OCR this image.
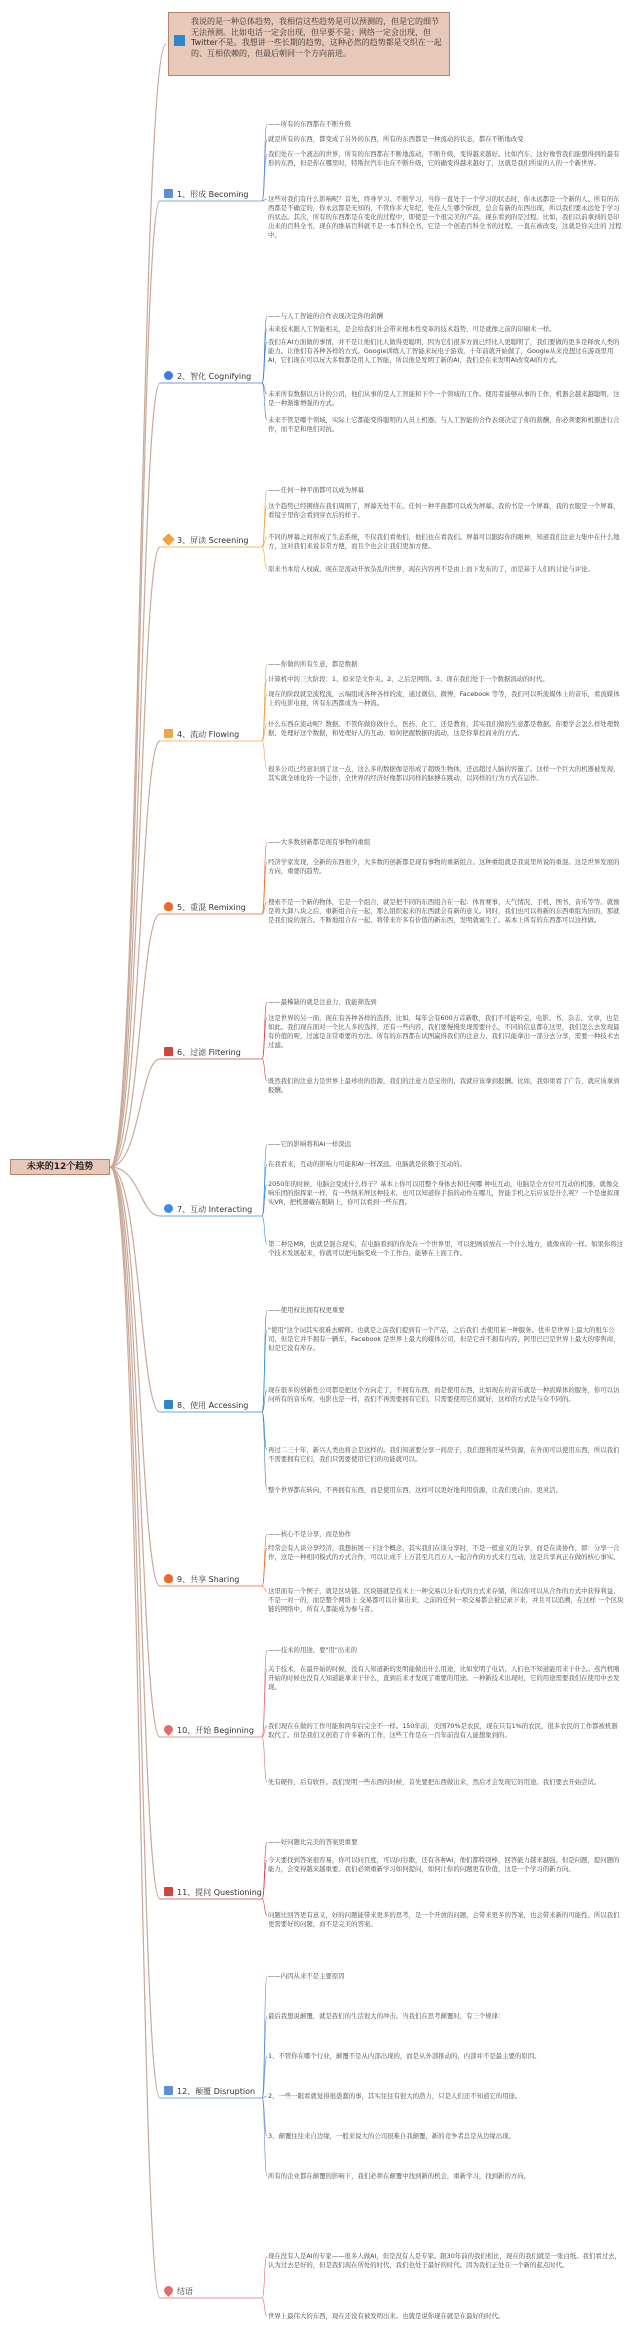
未来的12个趋势
我说的是一种总体趋势，我相信这些趋势是可以预测的，但是它的细节无法预测。比如电话一定会出现，但早要不是；网络一定会出现，但Twitter不是。我想讲一些长期的趋势，这种必然的趋势都是交织在一起的、互相依赖的，但最后朝同一个方向前进。
1、形成 Becoming
——所有的东西都在不断升级
就是所有的东西，都变成了另外的东西，所有的东西都是一种流动的状态，都在不断地改变
我们处在一个液态的世界，所有的东西都在不断地流动，不断升级，变得越来越好。比如汽车，这好像曾我们能想得到的最有形的东西，但是你在哪里时，特斯拉汽车也在不断升级，它的确变得越来越好了，这就是我们所说的人的一个新世界。
这些对我们有什么影响呢？首先，终身学习。不断学习，当你一直处于一个学习的状态时，你永远都是一个新的人。所有的东西都是不确定的，你永远都是无知的，不管你多大年纪，处在人生哪个阶段，总会有新的东西出现，所以我们要永远处于学习的状态。其次，所有的东西都是在变化的过程中，即使是一个很完美的产品，现在看到的是过程。比如，我们以前拿到的是印出来的百科全书，现在的维基百科就不是一本百科全书，它是一个创造百科全书的过程，一直在被改变，这就是你关注的 过程中。
2、智化 Cognifying
——与人工智能的合作表现决定你的薪酬
未来技术跟人工智能相关，是会给我们社会带来根本性变革的技术趋势，可是就像之前的印刷术一样。
我们在AI方面做的事情，并不是让他们比人做得更聪明，因为它们很多方面已经比人更聪明了，我们要做的更多是释放人类的能力。让他们有各种各样的方式。Google训练人工智能来玩电子游戏，十年前就开始做了，Google从来没想过在游戏里用AI，它们现在可以玩大多数都是用人工智能，所以他是发明了新的AI，我们是在来发明AI改变AI的方式。
未来所有数据以万计的公司，他们从事的是人工智能和下个一个领域的工作。使用者能够从事的工作，机器会越来越聪明，这是一种渐渐增强的方式。
未来不管是哪个领域，实际上它都能变得聪明的人员上机器。与人工智能的合作表现决定了你的薪酬，你必须要和机器进行合作，而不是和他们对抗。
3、屏读 Screening
——任何一种平面都可以成为屏幕
这个趋势已经围绕在我们周围了，屏幕无处不在。任何一种平面都可以成为屏幕。我的书是一个屏幕，我的衣服是一个屏幕，看镜子里你会看到穿衣后的样子。
不同的屏幕之间形成了生态系统，不仅我们看他们，他们也在看我们。屏幕可以跟踪你的眼神，知道我们注意力集中在什么地方，这对我们来说非常方便，而且个也会让我们更加方便。
原来书本给人权威，现在是流动开放杂乱的世界，现在内容再不是由上而下发布的了，而是基于人们的讨论与评论。
4、流动 Flowing
——你做的所有生意，都是数据
计算机中的三大阶段：1、原来是文件夹。2、之后是网络。3、现在我们处于一个数据流动的时代。
现在的阶段就是流程流，云端组成各种各样的流，通过微信、微博、Facebook 等等，我们可以听流媒体上的音乐，看流媒体上的电影电视，所有东西都成为一种流。
什么东西在流动呢？数据。不管你做你做什么，医药、化工、还是教育，其实我们做的生意都是数据。你要学会怎么样处理数据、处理好这个数据，和处理好人的互动，如何把握数据的流动，这是你掌控商业的方式。
很多公司已经意识到了这一点，这么多的数据像是形成了超级生物体，还远超过人脑的容量了。这样一个巨大的机器被发现，其实就全球化的一个运作，全世界的经济好像都以同样的脉搏在跳动，以同样的行为方式在运作。
5、重混 Remixing
——大多数创新都是现有事物的重组
经济学家发现，全新的东西很少，大多数的创新都是现有事物的重新组合。这种重组就是我说里所说的重混。这是世界发展的方向，重要的趋势。
搜索不是一个新的物体，它是一个组合，就是把不同的东西组合在一起：体育赛事、天气情况、手机、图书、音乐等等。就像是将大卸八块之后，重新组合在一起，那么组织起来的东西就会有新的意义。同时，我们也可以将新的东西重组为旧的，那就是我们说的混合。不断地组合在一起，将带来许多有价值的新东西，发明就诞生了。基本上所有的东西都可以这样做。
6、过滤 Filtering
——最稀缺的就是注意力，我能筛选到
这是世界的另一面，现在有各种各样的选择，比如，每年会有600万首新歌，我们不可能听完，电影、书、杂志、文章，也是如此。我们现在面对一个比人多的选择，还有一些内容，我们要慢慢发现需要什么，不同的信息都在这里，我们怎么去发现最有价值的呢，过滤是非常重要的方法。所有的东西都在试图赢得我们的注意力，我们只能拿出一部分去分享，需要一种技术去过滤。
既然我们的注意力是世界上最珍贵的资源，我们的注意力是宝贵的，我就应该拿到报酬。比如，我如果看了广告，就应该拿到报酬。
7、互动 Interacting
——它的影响将和AI一样深远
在我看来，互动的影响力可能和AI一样深远。电脑就是依赖于互动的。
2050年的时候，电脑会变成什么样子？基本上你可以用整个身体去和任何哪 种电互动，电脑是全方位可互动的机器。就像交响乐团的指挥家一样，有一些纳米屏这种技术，也可以知道你手指的动作在哪儿，智能手机之后应该是什么呢？一个是虚拟现实VR，把机器戴在眼睛上，你可以看到一些东西。
第二种是MR，也就是混合现实，在电脑看到的你处在一个世界里，可以把画质放在一个什么地方，就像真的一样。如果你将这个技术发展起来，你就可以把电脑变成一个工作台，能够在上面工作。
8、使用 Accessing
——使用权比拥有权更重要
"使用"这个词其实很难去解释。也就是之前我们提到有一个产品，之后我们 去使用某一种服务。优步是世界上最大的租车公司，但是它并不拥有一辆车，Facebook 是世界上最大的媒体公司，但是它并不拥有内容。阿里巴巴是世界上最大的零售商，但是它没有库存。
现在很多的创新性公司都是把这个方向走了，不拥有东西，而是使用东西，比如现在的音乐就是一种流媒体的服务，你可以访问所有的音乐库，电影也是一样，我们不再需要拥有它们，只需要使用它们就好，这样的方式是与众不同的。
再过二三十年，新兴人类也将会是这样的。我们知道要分享一间房子，我们想利用某些资源，在外面可以使用东西，所以我们不需要拥有它们，我们只需要使用它们的功能就可以。
整个世界都在转向，不再拥有东西，而是使用东西，这样可以更好地利用资源，让我们更自由、更灵活。
9、共享 Sharing
——核心不是分享，而是协作
经常会有人谈分享经济，我想拓展一下这个概念，其实我们在谈分享时，不是一般意义的分享，而是在谈协作，即：分享一合作，这是一种相同模式的方式合作，可以让成千上万甚至几百万人一起合作的方式来行互动，这是共享真正在做的核心事实。
这里面有一个例子，就是区块链。区块链就是技术上一种交易以分布式的方式来存储，所以你可以从合作的方式中获得利益，不是一对一的，而是整个网络上 交易都可以计算出来，之前的任何一项交易都会被记录下来，并且可以追溯，在这样 一个区块链的网络中，所有人都能成为参与者。
10、开始 Beginning
——技术的用途，要"用"出来的
关于技术，在最开始的时候，没有人知道新的发明能做出什么用途，比如发明了电话，人们也不知道能用来干什么。蒸汽机刚开始的时候也没有人知道能拿来干什么，直到后来才发现了重要的用途。一种新技术出现时，它的用途需要我们在使用中去发现。
我们现在在做的工作可能和两年后完全不一样。150年前，美国70%是农民，现在只有1%的农民，很多农民的工作都被机器取代了。但是我们又创造了许多新的工作，这些工作是在一百年前没有人能想象到的。
先有硬件，后有软件。我们发明一些东西的时候，首先要把东西做出来，然后才会发现它的用途。我们要去开始尝试。
11、提问 Questioning
——好问题比完美的答案更重要
今天要找到答案很容易，你可以问百度，可以问谷歌，还有各种AI，他们都特别棒，回答能力越来越强。但是问题，提问题的能力，会变得越来越重要。我们必须重新学习如何提问，如何让你的问题更有价值，这是一个学习的新方向。
问题比回答更有意义，好的问题能带来更多的思考，是一个开放的问题，会带来更多的答案，也会带来新的可能性。所以我们更需要好的问题，而不是完美的答案。
12、颠覆 Disruption
——内因从来不是主要原因
最后我想说颠覆，就是我们的生活很大的冲击。当我们在思考颠覆时，有三个规律：
1、不管你在哪个行业，颠覆不是从内部出现的，而是从外部推动的，内部并不是最主要的原因。
2、一些一眼看就觉得很愚蠢的事，其实往往有很大的潜力，只是人们还不知道它的用途。
3、颠覆往往来自边缘，一般来说大的公司很难自我颠覆，新的竞争者总是从边缘出现。
所有的企业都在颠覆的影响下，我们必须在颠覆中找到新的机会，重新学习，找到新的方向。
结语
现在没有人是AI的专家——很多人做AI，但是没有人是专家。跟30年前的我们相比，现在的我们就是一张白纸。我们看过去，认为过去是好的，但是我们现在所处的时代，我们也处于最好的时代。因为我们正处在一个新的起点时代。
世界上最伟大的东西，现在还没有被发明出来。也就是说你现在就是在最好的时代。
